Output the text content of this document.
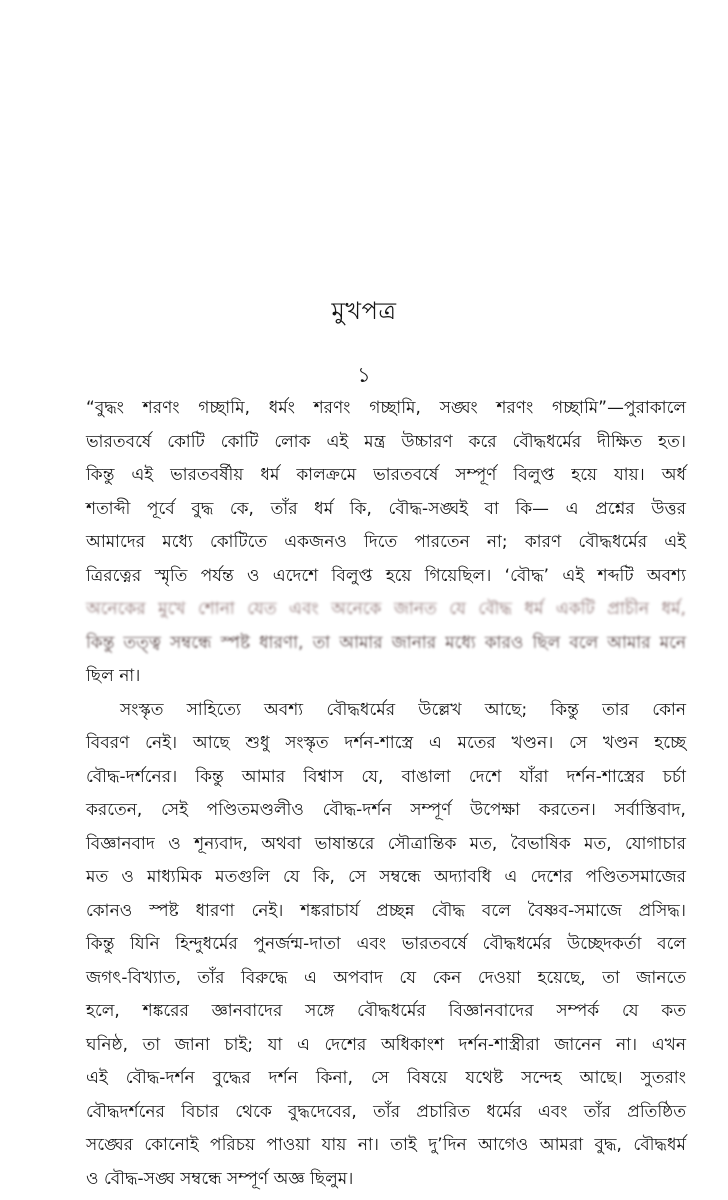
মুখপত্র
১
“বুদ্ধং শরণং গচ্ছামি, ধর্মং শরণং গচ্ছামি, সঙ্ঘং শরণং গচ্ছামি”—পুরাকালে
ভারতবর্ষে কোটি কোটি লোক এই মন্ত্র উচ্চারণ করে বৌদ্ধধর্মের দীক্ষিত হত।
কিন্তু এই ভারতবর্ষীয় ধর্ম কালক্রমে ভারতবর্ষে সম্পূর্ণ বিলুপ্ত হয়ে যায়। অর্ধ
শতাব্দী পূর্বে বুদ্ধ কে, তাঁর ধর্ম কি, বৌদ্ধ-সঙ্ঘই বা কি— এ প্রশ্নের উত্তর
আমাদের মধ্যে কোটিতে একজনও দিতে পারতেন না; কারণ বৌদ্ধধর্মের এই
ত্রিরত্নের স্মৃতি পর্যন্ত ও এদেশে বিলুপ্ত হয়ে গিয়েছিল। ‘বৌদ্ধ’ এই শব্দটি অবশ্য
অনেকের মুখে শোনা যেত এবং অনেকে জানত যে বৌদ্ধ ধর্ম একটি প্রাচীন ধর্ম,
কিন্তু তত্ত্ব সম্বন্ধে স্পষ্ট ধারণা, তা আমার জানার মধ্যে কারও ছিল বলে আমার মনে
ছিল না।
সংস্কৃত সাহিত্যে অবশ্য বৌদ্ধধর্মের উল্লেখ আছে; কিন্তু তার কোন
বিবরণ নেই। আছে শুধু সংস্কৃত দর্শন-শাস্ত্রে এ মতের খণ্ডন। সে খণ্ডন হচ্ছে
বৌদ্ধ-দর্শনের। কিন্তু আমার বিশ্বাস যে, বাঙালা দেশে যাঁরা দর্শন-শাস্ত্রের চর্চা
করতেন, সেই পণ্ডিতমণ্ডলীও বৌদ্ধ-দর্শন সম্পূর্ণ উপেক্ষা করতেন। সর্বাস্তিবাদ,
বিজ্ঞানবাদ ও শূন্যবাদ, অথবা ভাষান্তরে সৌত্রান্তিক মত, বৈভাষিক মত, যোগাচার
মত ও মাধ্যমিক মতগুলি যে কি, সে সম্বন্ধে অদ্যাবধি এ দেশের পণ্ডিতসমাজের
কোনও স্পষ্ট ধারণা নেই। শঙ্করাচার্য প্রচ্ছন্ন বৌদ্ধ বলে বৈষ্ণব-সমাজে প্রসিদ্ধ।
কিন্তু যিনি হিন্দুধর্মের পুনর্জন্ম-দাতা এবং ভারতবর্ষে বৌদ্ধধর্মের উচ্ছেদকর্তা বলে
জগৎ-বিখ্যাত, তাঁর বিরুদ্ধে এ অপবাদ যে কেন দেওয়া হয়েছে, তা জানতে
হলে, শঙ্করের জ্ঞানবাদের সঙ্গে বৌদ্ধধর্মের বিজ্ঞানবাদের সম্পর্ক যে কত
ঘনিষ্ঠ, তা জানা চাই; যা এ দেশের অধিকাংশ দর্শন-শাস্ত্রীরা জানেন না। এখন
এই বৌদ্ধ-দর্শন বুদ্ধের দর্শন কিনা, সে বিষয়ে যথেষ্ট সন্দেহ আছে। সুতরাং
বৌদ্ধদর্শনের বিচার থেকে বুদ্ধদেবের, তাঁর প্রচারিত ধর্মের এবং তাঁর প্রতিষ্ঠিত
সঙ্ঘের কোনোই পরিচয় পাওয়া যায় না। তাই দু’দিন আগেও আমরা বুদ্ধ, বৌদ্ধধর্ম
ও বৌদ্ধ-সঙ্ঘ সম্বন্ধে সম্পূর্ণ অজ্ঞ ছিলুম।
